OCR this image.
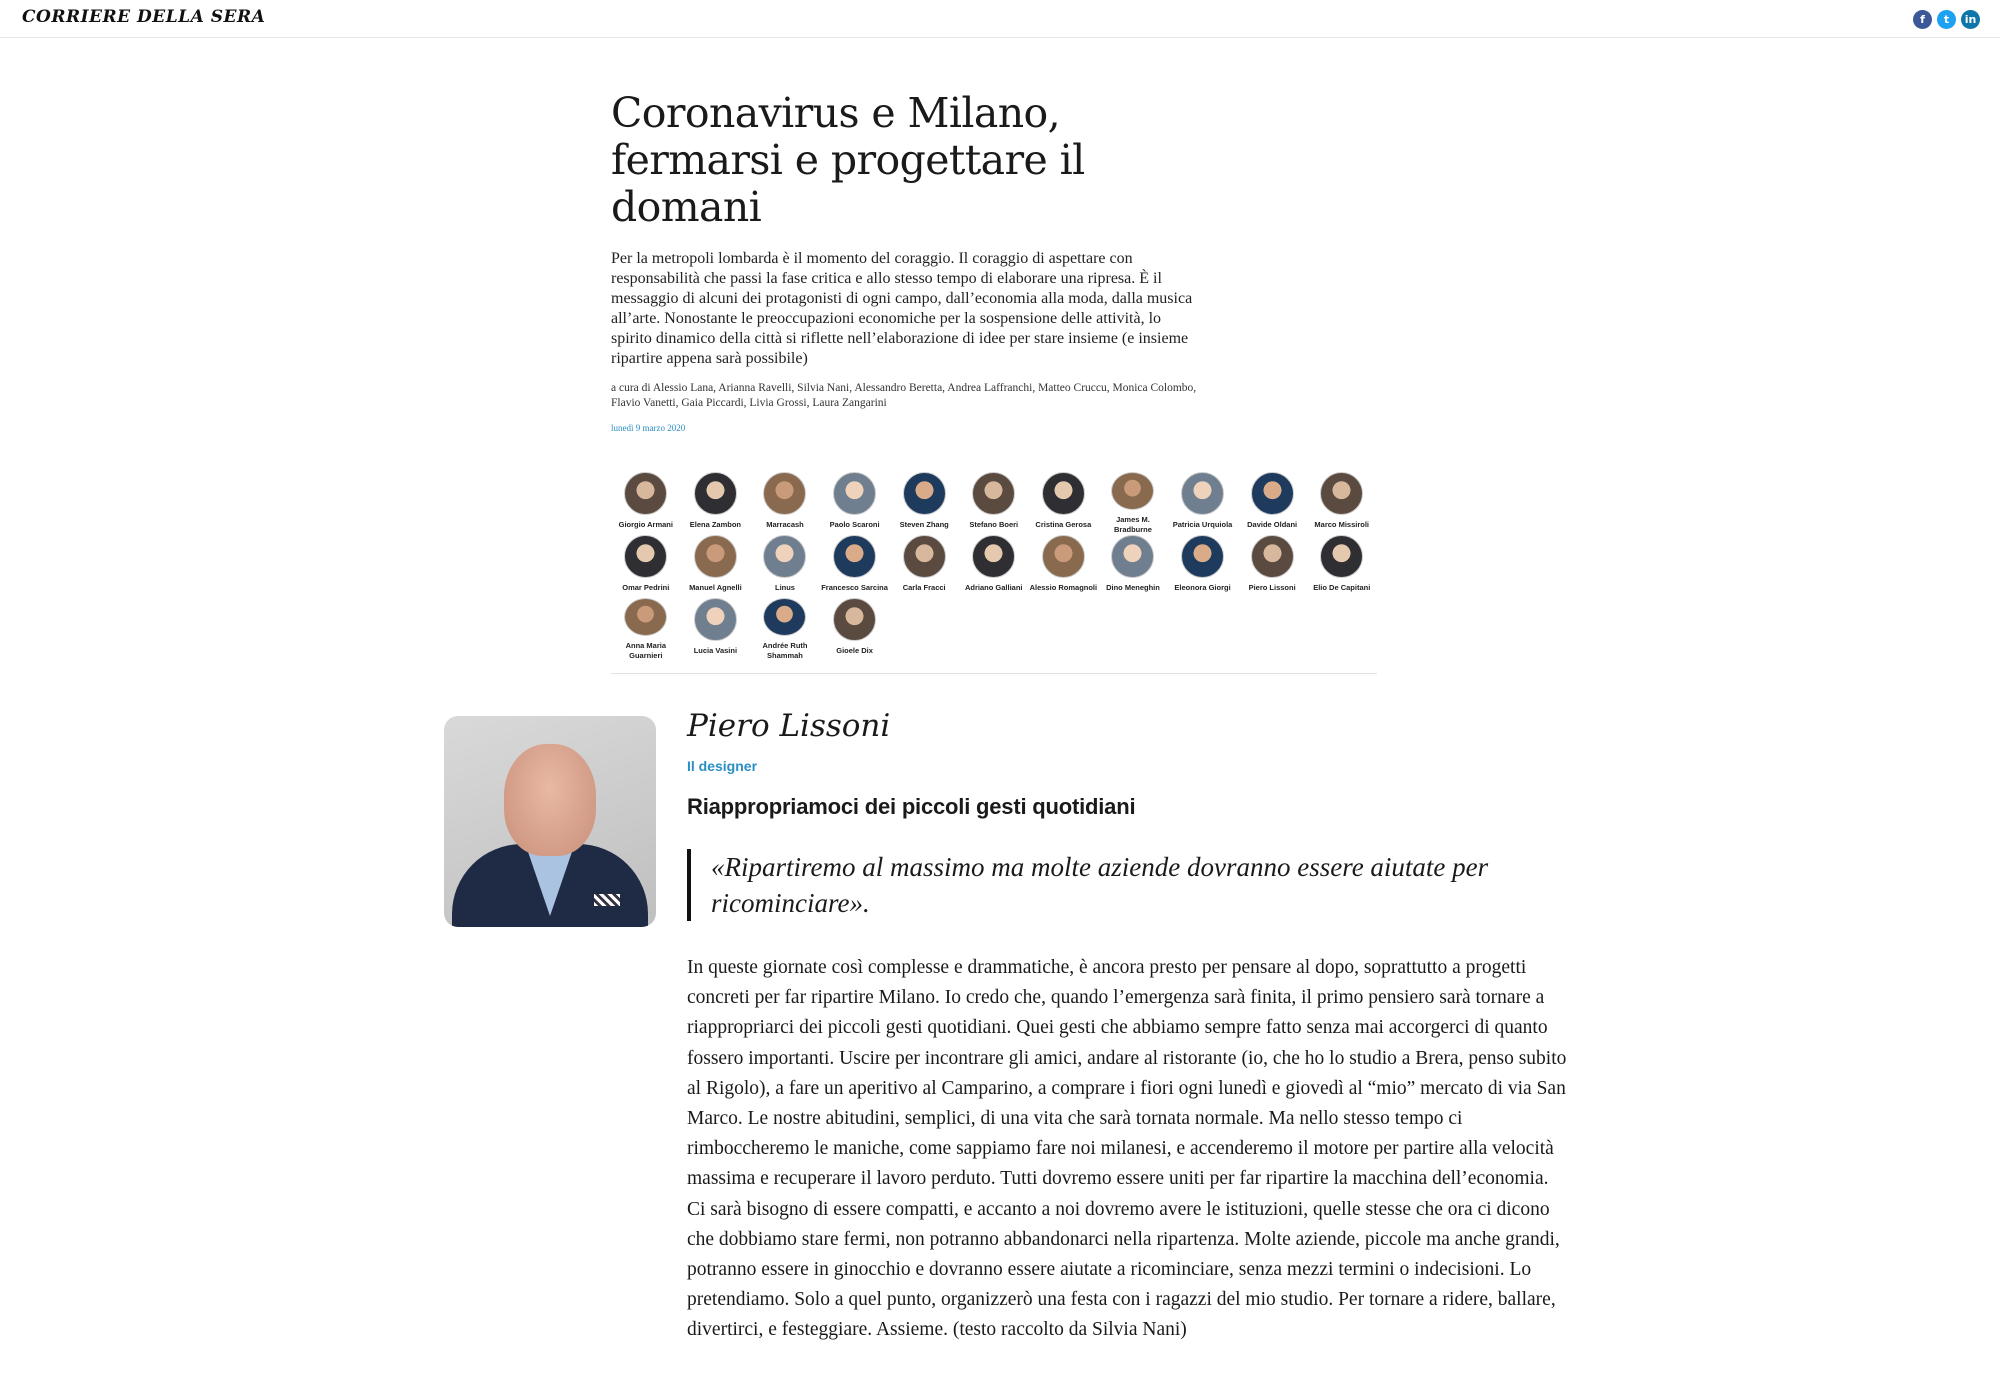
CORRIERE DELLA SERA	f	t	in
Coronavirus e Milano,
fermarsi e progettare il domani

Per la metropoli lombarda è il momento del coraggio. Il coraggio di aspettare con responsabilità che passi la fase critica e allo stesso tempo di elaborare una ripresa. È il messaggio di alcuni dei protagonisti di ogni campo, dall’economia alla moda, dalla musica all’arte. Nonostante le preoccupazioni economiche per la sospensione delle attività, lo spirito dinamico della città si riflette nell’elaborazione di idee per stare insieme (e insieme ripartire appena sarà possibile)

a cura di Alessio Lana, Arianna Ravelli, Silvia Nani, Alessandro Beretta, Andrea Laffranchi, Matteo Cruccu, Monica Colombo, Flavio Vanetti, Gaia Piccardi, Livia Grossi, Laura Zangarini

lunedì 9 marzo 2020

Giorgio Armani	Elena Zambon	Marracash	Paolo Scaroni	Steven Zhang	Stefano Boeri	Cristina Gerosa
James M. Bradburne
Patricia Urquiola	Davide Oldani	Marco Missiroli
Omar Pedrini	Manuel Agnelli	Linus	Francesco Sarcina	Carla Fracci	Adriano Galliani Alessio Romagnoli	Dino Meneghin	Eleonora Giorgi	Piero Lissoni	Elio De Capitani
Anna Maria Guarnieri
Lucia Vasini
Andrée Ruth Shammah
Gioele Dix
Piero Lissoni
Il designer
Riappropriamoci dei piccoli gesti quotidiani
«Ripartiremo al massimo ma molte aziende dovranno essere aiutate per ricominciare».

In queste giornate così complesse e drammatiche, è ancora presto per pensare al dopo, soprattutto a progetti concreti per far ripartire Milano. Io credo che, quando l’emergenza sarà finita, il primo pensiero sarà tornare a riappropriarci dei piccoli gesti quotidiani. Quei gesti che abbiamo sempre fatto senza mai accorgerci di quanto fossero importanti. Uscire per incontrare gli amici, andare al ristorante (io, che ho lo studio a Brera, penso subito al Rigolo), a fare un aperitivo al Camparino, a comprare i fiori ogni lunedì e giovedì al “mio” mercato di via San Marco. Le nostre abitudini, semplici, di una vita che sarà tornata normale. Ma nello stesso tempo ci rimboccheremo le maniche, come sappiamo fare noi milanesi, e accenderemo il motore per partire alla velocità massima e recuperare il lavoro perduto. Tutti dovremo essere uniti per far ripartire la macchina dell’economia. Ci sarà bisogno di essere compatti, e accanto a noi dovremo avere le istituzioni, quelle stesse che ora ci dicono che dobbiamo stare fermi, non potranno abbandonarci nella ripartenza. Molte aziende, piccole ma anche grandi, potranno essere in ginocchio e dovranno essere aiutate a ricominciare, senza mezzi termini o indecisioni. Lo pretendiamo. Solo a quel punto, organizzerò una festa con i ragazzi del mio studio. Per tornare a ridere, ballare, divertirci, e festeggiare. Assieme. (testo raccolto da Silvia Nani)
